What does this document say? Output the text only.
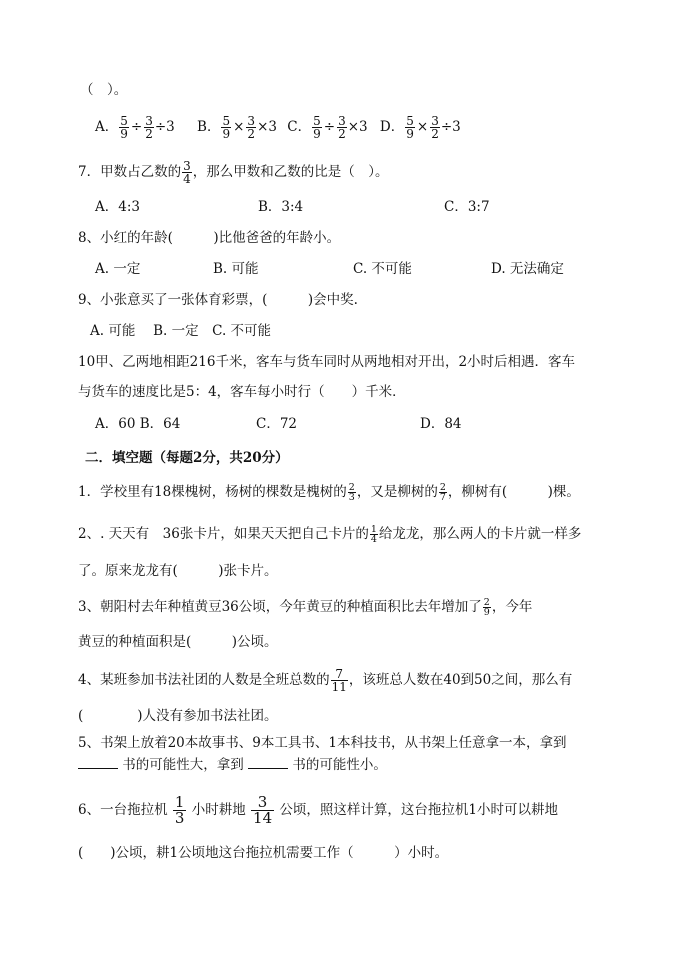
（　）。
A． $\frac{5}{9} \div \frac{3}{2} \div 3$ B． $\frac{5}{9} \times \frac{3}{2} \times 3$ C． $\frac{5}{9} \div \frac{3}{2} \times 3$ D． $\frac{5}{9} \times \frac{3}{2} \div 3$
7．甲数占乙数的 $\frac{3}{4}$ ，那么甲数和乙数的比是（　）。
A．4:3	B．3:4	C．3:7
8、小红的年龄(　　　)比他爸爸的年龄小。
A. 一定	B. 可能	C. 不可能	D. 无法确定
9、小张意买了一张体育彩票，(　　　)会中奖.
A. 可能　 B. 一定　C. 不可能
10甲、乙两地相距216千米，客车与货车同时从两地相对开出，2小时后相遇．客车
与货车的速度比是5：4，客车每小时行（　　）千米．
A．60 B．64	C．72	D．84
二．填空题（每题2分，共20分）
1．学校里有18棵槐树，杨树的棵数是槐树的 $\frac{2}{3}$ ，又是柳树的 $\frac{2}{7}$ ，柳树有(　　　)棵。
2、. 天天有　36张卡片，如果天天把自己卡片的 $\frac{1}{4}$ 给龙龙，那么两人的卡片就一样多
了。原来龙龙有(　　　)张卡片。
3、朝阳村去年种植黄豆36公顷，今年黄豆的种植面积比去年增加了 $\frac{2}{9}$ ，今年
黄豆的种植面积是(　　　)公顷。
4、某班参加书法社团的人数是全班总数的 $\frac{7}{11}$ ，该班总人数在40到50之间，那么有
(　　　　)人没有参加书法社团。
5、书架上放着20本故事书、9本工具书、1本科技书，从书架上任意拿一本，拿到
书的可能性大，拿到	书的可能性小。
6、一台拖拉机 $\frac{1}{3}$ 小时耕地 $\frac{3}{14}$ 公顷，照这样计算，这台拖拉机1小时可以耕地
(　　)公顷，耕1公顷地这台拖拉机需要工作（　　　）小时。
